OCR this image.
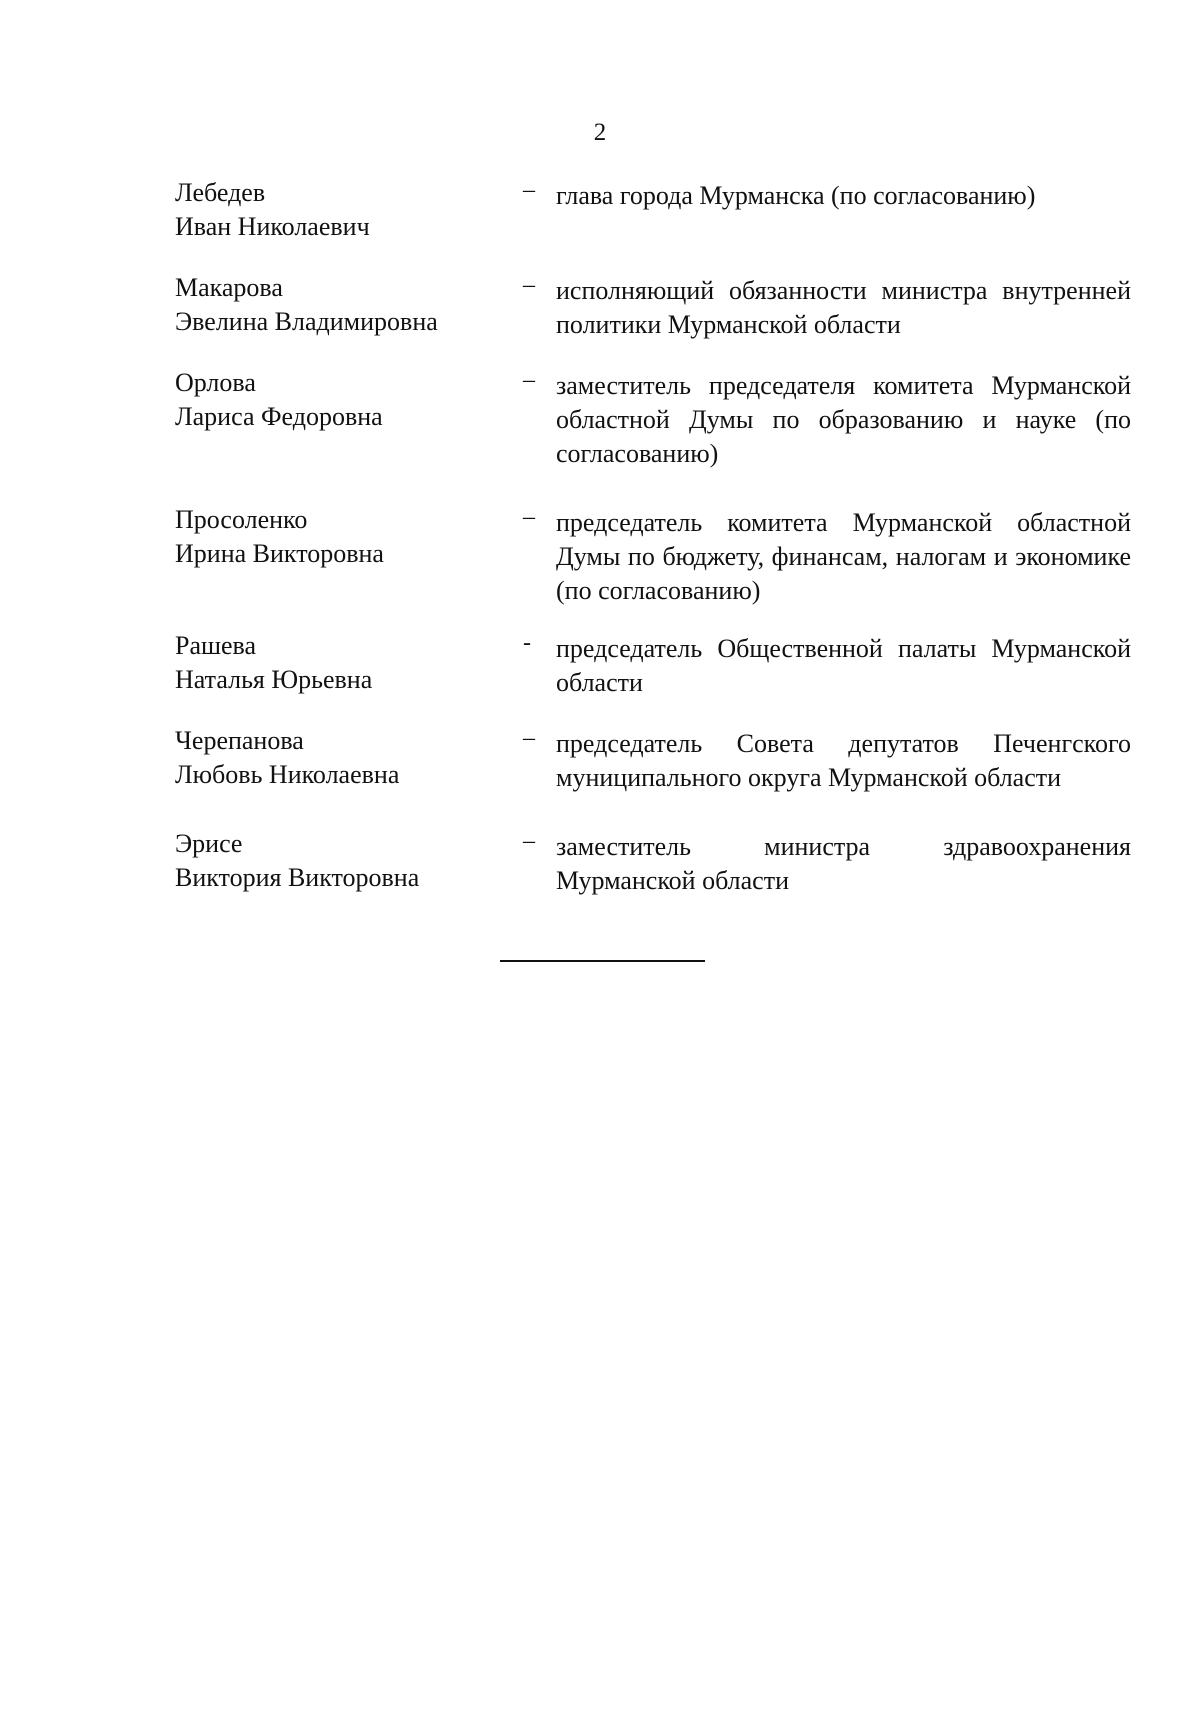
2
Лебедев
Иван Николаевич
– глава города Мурманска (по согласованию)
Макарова
Эвелина Владимировна
– исполняющий обязанности министра внутренней политики Мурманской области
Орлова
Лариса Федоровна
– заместитель председателя комитета Мурманской областной Думы по образованию и науке (по согласованию)
Просоленко
Ирина Викторовна
– председатель комитета Мурманской областной Думы по бюджету, финансам, налогам и экономике (по согласованию)
Рашева
Наталья Юрьевна
- председатель Общественной палаты Мурманской области
Черепанова
Любовь Николаевна
– председатель Совета депутатов Печенгского муниципального округа Мурманской области
Эрисе
Виктория Викторовна
– заместитель министра здравоохранения Мурманской области
